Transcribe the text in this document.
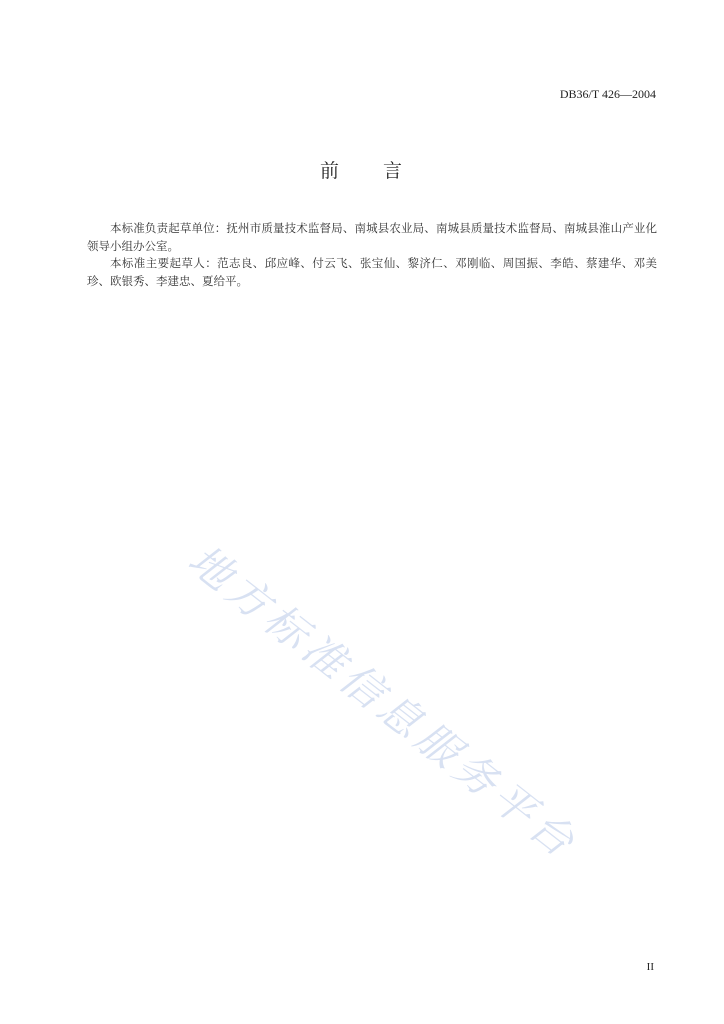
DB36/T 426—2004
前　　言

本标准负责起草单位：抚州市质量技术监督局、南城县农业局、南城县质量技术监督局、南城县淮山产业化领导小组办公室。

本标准主要起草人：范志良、邱应峰、付云飞、张宝仙、黎济仁、邓刚临、周国振、李皓、蔡建华、邓美珍、欧银秀、李建忠、夏给平。

地方标准信息服务平台
II
